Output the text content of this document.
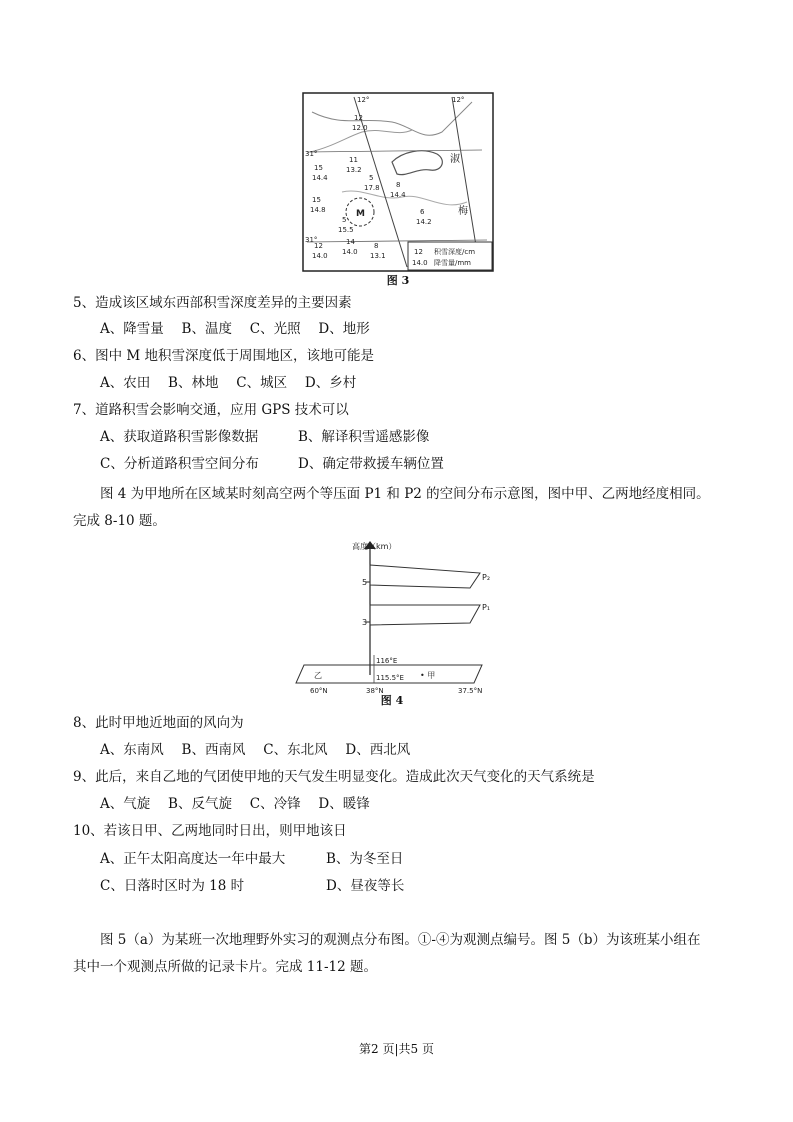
12°	12°
31°
31°
12
12.0
15
14.4
11
13.2
5
17.8 8
14.4
15
14.8
5
15.5
6
14.2
12
14.0
14
14.0
8
13.1	12
14.0
积雪深度/cm
降雪量/mm
M
淑
梅
图 3
5、造成该区域东西部积雪深度差异的主要因素
A、降雪量　 B、温度　 C、光照　 D、地形
6、图中 M 地积雪深度低于周围地区，该地可能是
A、农田　 B、林地　 C、城区　 D、乡村
7、道路积雪会影响交通，应用 GPS 技术可以
A、获取道路积雪影像数据	B、解译积雪遥感影像
C、分析道路积雪空间分布	D、确定带救援车辆位置
图 4 为甲地所在区域某时刻高空两个等压面 P1 和 P2 的空间分布示意图，图中甲、乙两地经度相同。
完成 8-10 题。
高度（km）
5
3
P₂
P₁
116°E
115.5°E
乙	• 甲
60°N	38°N	37.5°N
图 4
8、此时甲地近地面的风向为
A、东南风　 B、西南风　 C、东北风　 D、西北风
9、此后，来自乙地的气团使甲地的天气发生明显变化。造成此次天气变化的天气系统是
A、气旋　 B、反气旋　 C、冷锋　 D、暖锋
10、若该日甲、乙两地同时日出，则甲地该日
A、正午太阳高度达一年中最大	B、为冬至日
C、日落时区时为 18 时	D、昼夜等长
图 5（a）为某班一次地理野外实习的观测点分布图。①-④为观测点编号。图 5（b）为该班某小组在
其中一个观测点所做的记录卡片。完成 11-12 题。
第2 页|共5 页
